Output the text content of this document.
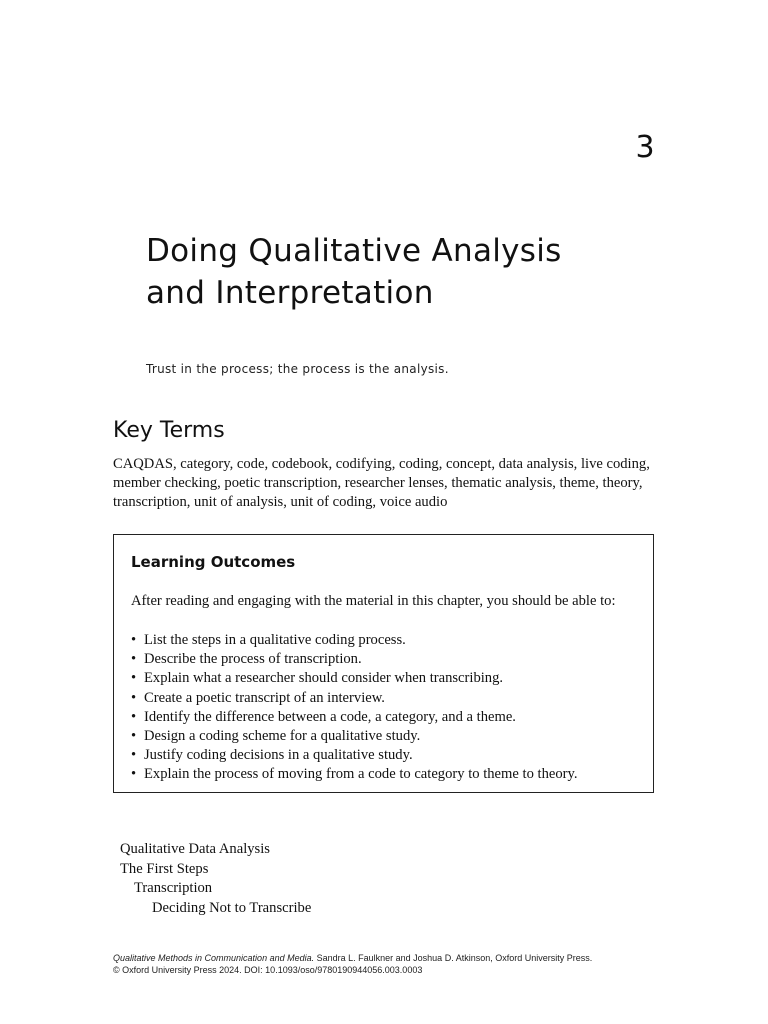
3
Doing Qualitative Analysis
and Interpretation
Trust in the process; the process is the analysis.
Key Terms
CAQDAS, category, code, codebook, codifying, coding, concept, data analysis, live coding,
member checking, poetic transcription, researcher lenses, thematic analysis, theme, theory,
transcription, unit of analysis, unit of coding, voice audio
Learning Outcomes
After reading and engaging with the material in this chapter, you should be able to:
• List the steps in a qualitative coding process.
• Describe the process of transcription.
• Explain what a researcher should consider when transcribing.
• Create a poetic transcript of an interview.
• Identify the difference between a code, a category, and a theme.
• Design a coding scheme for a qualitative study.
• Justify coding decisions in a qualitative study.
• Explain the process of moving from a code to category to theme to theory.
Qualitative Data Analysis
The First Steps
Transcription
Deciding Not to Transcribe
Qualitative Methods in Communication and Media. Sandra L. Faulkner and Joshua D. Atkinson, Oxford University Press.
© Oxford University Press 2024. DOI: 10.1093/oso/9780190944056.003.0003
